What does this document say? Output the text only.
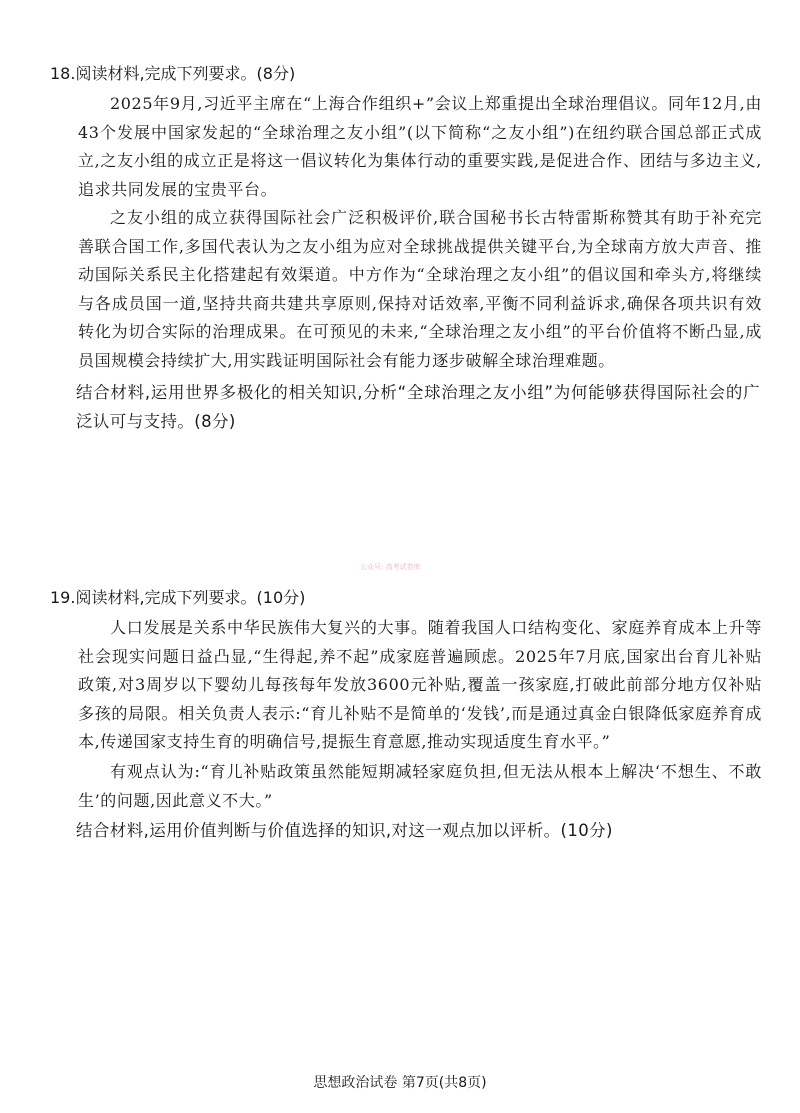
18.阅读材料,完成下列要求。(8分)
2025年9月,习近平主席在“上海合作组织+”会议上郑重提出全球治理倡议。同年12月,由43个发展中国家发起的“全球治理之友小组”(以下简称“之友小组”)在纽约联合国总部正式成立,之友小组的成立正是将这一倡议转化为集体行动的重要实践,是促进合作、团结与多边主义,追求共同发展的宝贵平台。
之友小组的成立获得国际社会广泛积极评价,联合国秘书长古特雷斯称赞其有助于补充完善联合国工作,多国代表认为之友小组为应对全球挑战提供关键平台,为全球南方放大声音、推动国际关系民主化搭建起有效渠道。中方作为“全球治理之友小组”的倡议国和牵头方,将继续与各成员国一道,坚持共商共建共享原则,保持对话效率,平衡不同利益诉求,确保各项共识有效转化为切合实际的治理成果。在可预见的未来,“全球治理之友小组”的平台价值将不断凸显,成员国规模会持续扩大,用实践证明国际社会有能力逐步破解全球治理难题。
结合材料,运用世界多极化的相关知识,分析“全球治理之友小组”为何能够获得国际社会的广泛认可与支持。(8分)
公众号: 高考试卷库
19.阅读材料,完成下列要求。(10分)
人口发展是关系中华民族伟大复兴的大事。随着我国人口结构变化、家庭养育成本上升等社会现实问题日益凸显,“生得起,养不起”成家庭普遍顾虑。2025年7月底,国家出台育儿补贴政策,对3周岁以下婴幼儿每孩每年发放3600元补贴,覆盖一孩家庭,打破此前部分地方仅补贴多孩的局限。相关负责人表示:“育儿补贴不是简单的‘发钱’,而是通过真金白银降低家庭养育成本,传递国家支持生育的明确信号,提振生育意愿,推动实现适度生育水平。”
有观点认为:“育儿补贴政策虽然能短期减轻家庭负担,但无法从根本上解决‘不想生、不敢生’的问题,因此意义不大。”
结合材料,运用价值判断与价值选择的知识,对这一观点加以评析。(10分)
思想政治试卷 第7页(共8页)
